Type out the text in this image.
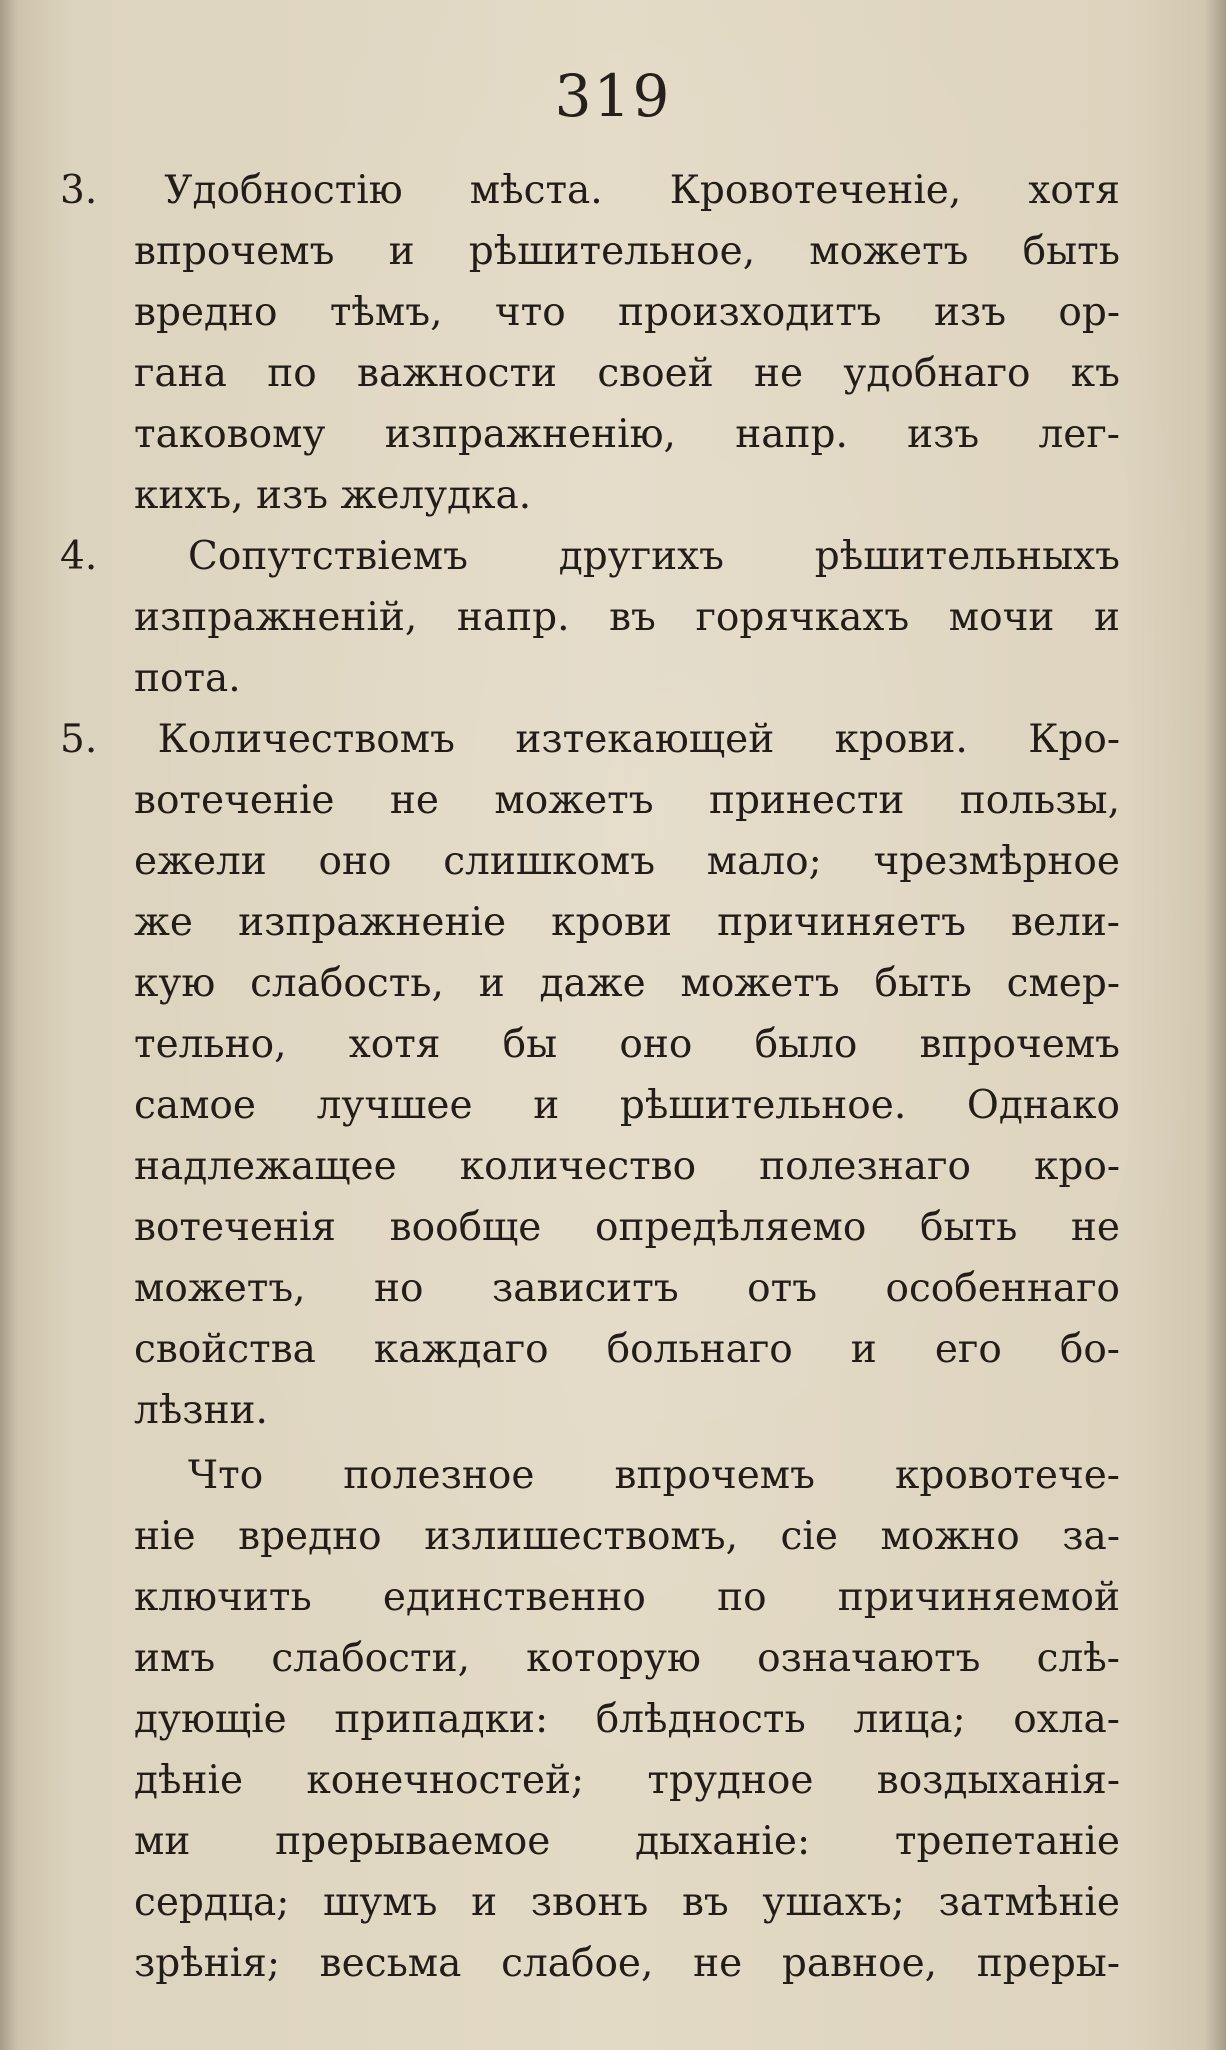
319
3. Удобностію мѣста. Кровотеченіе, хотя
впрочемъ и рѣшительное, можетъ быть
вредно тѣмъ, что произходитъ изъ ор-
гана по важности своей не удобнаго къ
таковому изпражненію, напр. изъ лег-
кихъ, изъ желудка.
4. Сопутствіемъ другихъ рѣшительныхъ
изпражненій, напр. въ горячкахъ мочи и
пота.
5. Количествомъ изтекающей крови. Кро-
вотеченіе не можетъ принести пользы,
ежели оно слишкомъ мало; чрезмѣрное
же изпражненіе крови причиняетъ вели-
кую слабость, и даже можетъ быть смер-
тельно, хотя бы оно было впрочемъ
самое лучшее и рѣшительное. Однако
надлежащее количество полезнаго кро-
вотеченія вообще опредѣляемо быть не
можетъ, но зависитъ отъ особеннаго
свойства каждаго больнаго и его бо-
лѣзни.
Что полезное впрочемъ кровотече-
ніе вредно излишествомъ, сіе можно за-
ключить единственно по причиняемой
имъ слабости, которую означаютъ слѣ-
дующіе припадки: блѣдность лица; охла-
дѣніе конечностей; трудное воздыханія-
ми прерываемое дыханіе: трепетаніе
сердца; шумъ и звонъ въ ушахъ; затмѣніе
зрѣнія; весьма слабое, не равное, преры-
